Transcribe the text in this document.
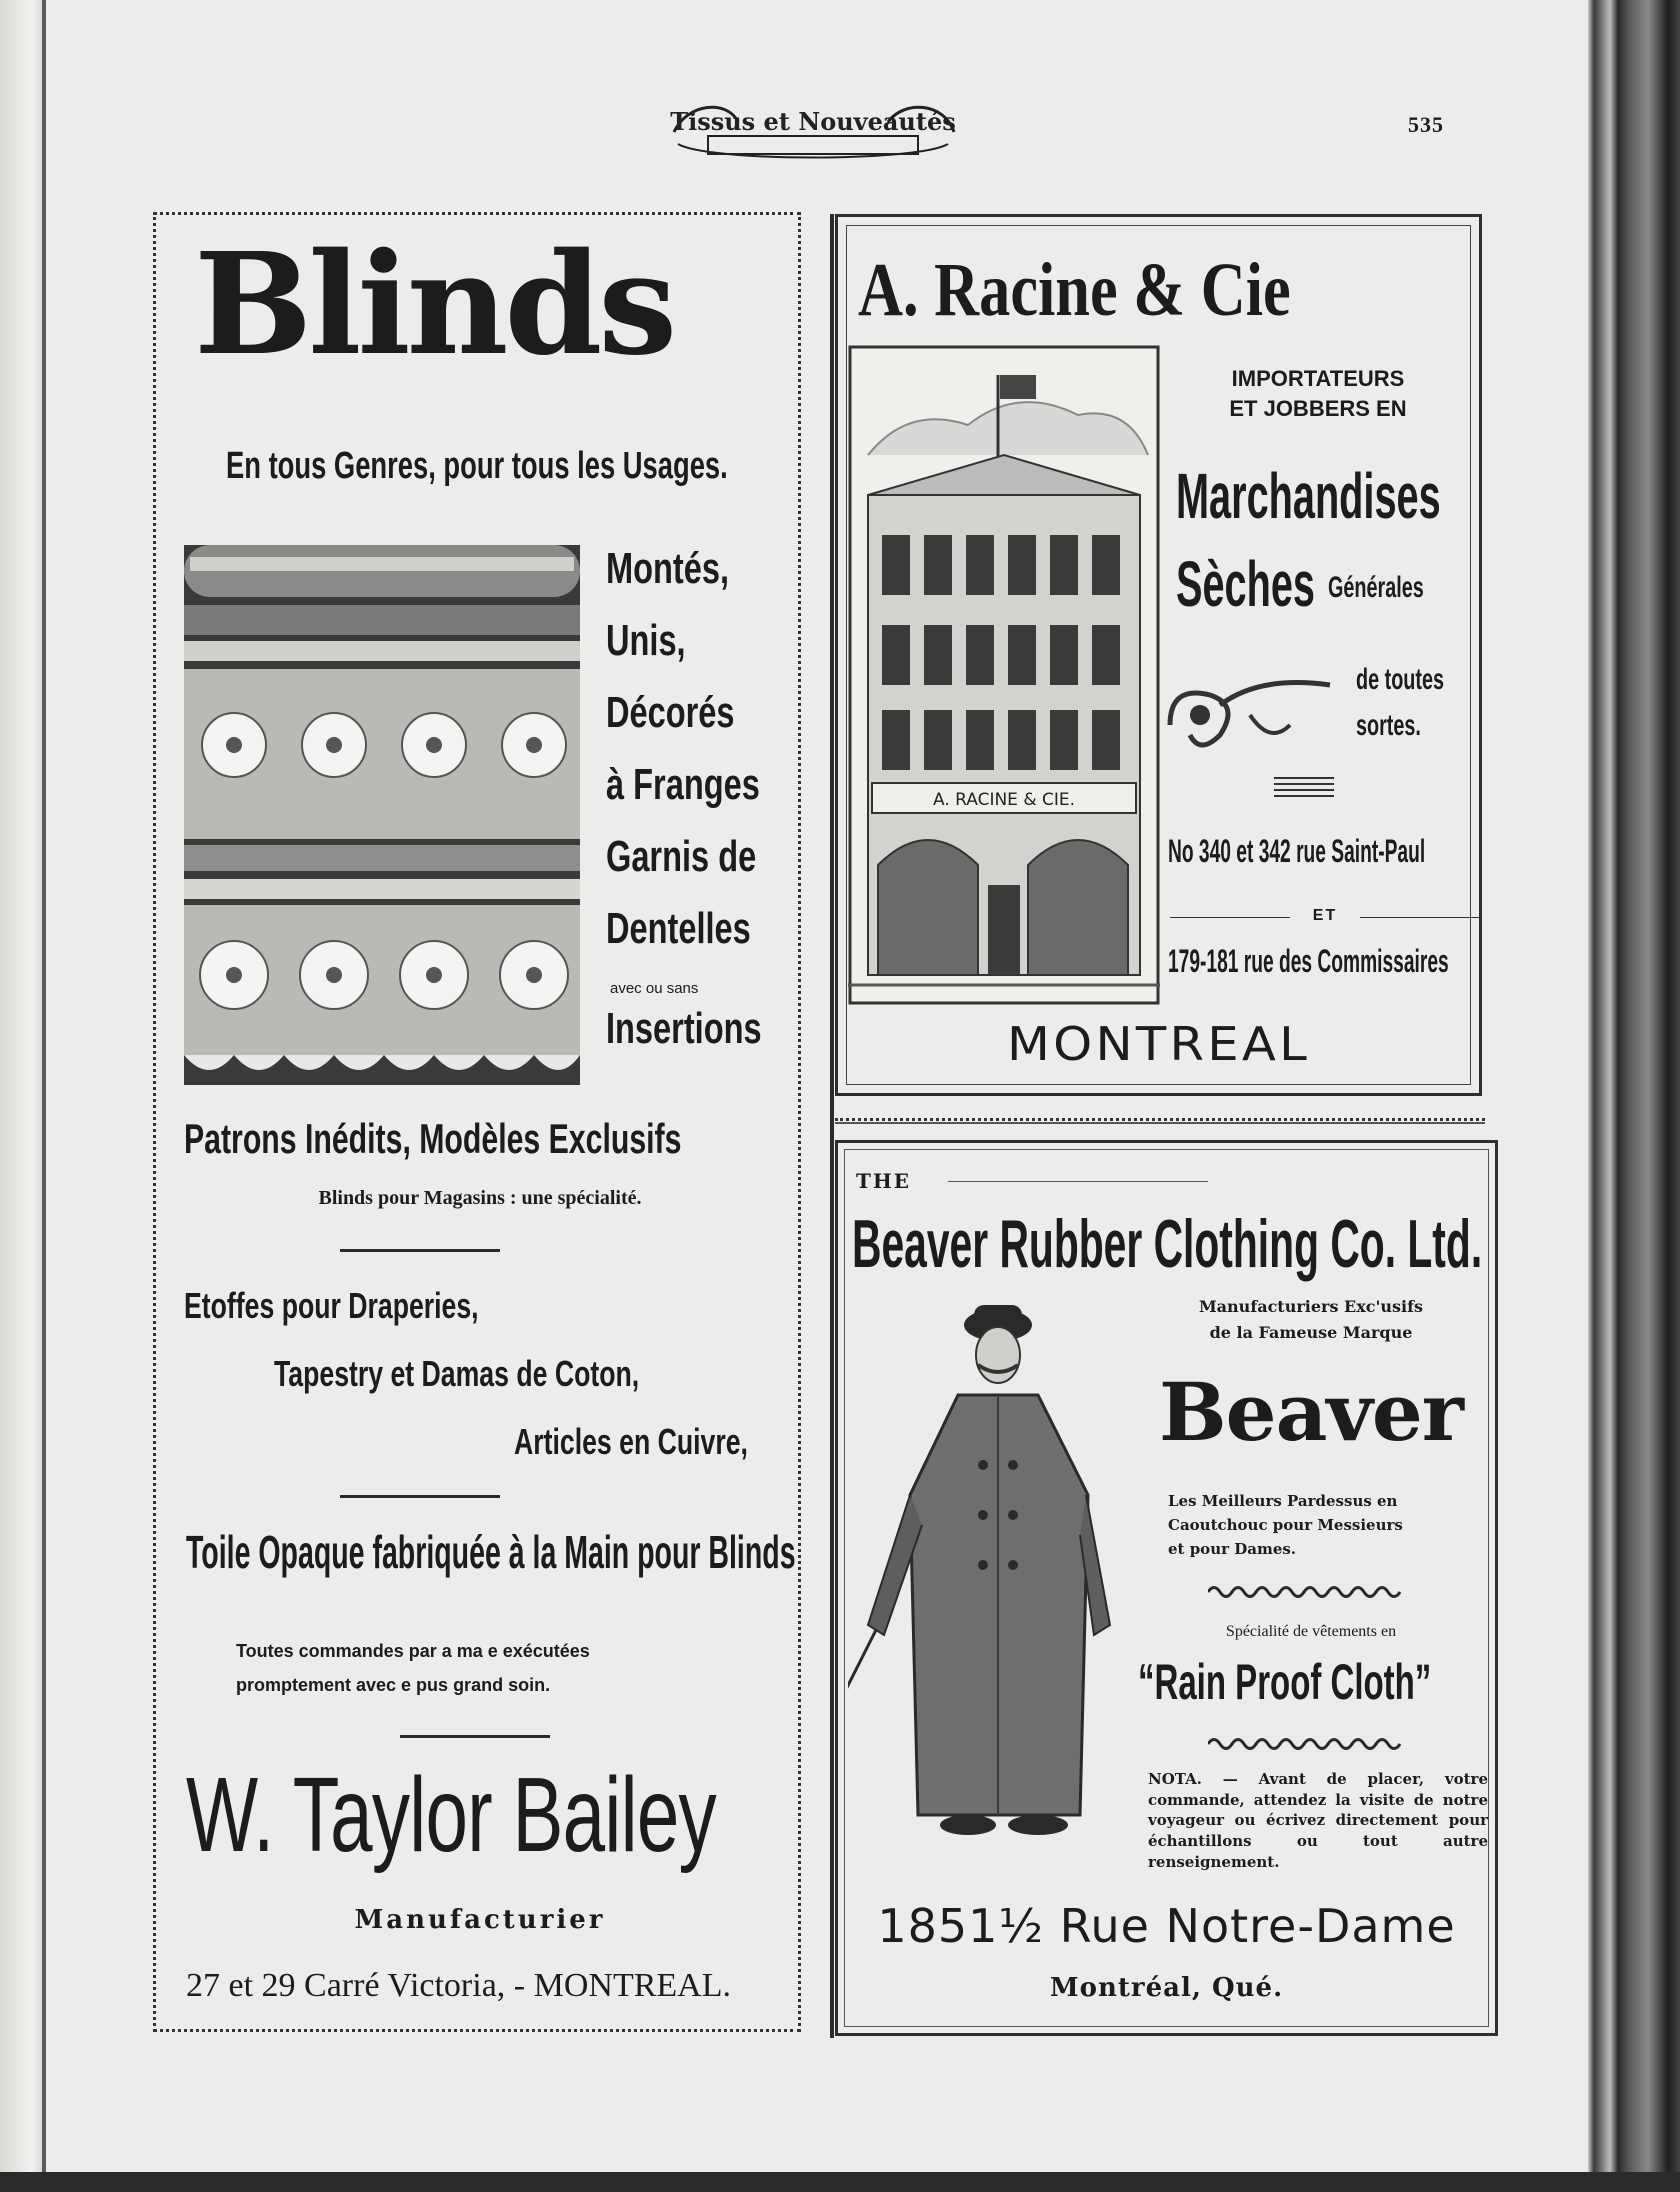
Tissus et Nouveautés	535
Blinds
En tous Genres, pour tous les Usages.
Montés,
Unis,
Décorés
à Franges
Garnis de
Dentelles
avec ou sans
Insertions
Patrons Inédits, Modèles Exclusifs
Blinds pour Magasins : une spécialité.
Etoffes pour Draperies,
Tapestry et Damas de Coton,
Articles en Cuivre,
Toile Opaque fabriquée à la Main pour Blinds
Toutes commandes par a ma e exécutées
promptement avec e pus grand soin.
W. Taylor Bailey
Manufacturier
27 et 29 Carré Victoria, - MONTREAL.
A. Racine & Cie
A. RACINE & CIE.
IMPORTATEURS
ET JOBBERS EN
Marchandises
Sèches Générales
de toutes
sortes.
No 340 et 342 rue Saint-Paul
ET
179-181 rue des Commissaires
MONTREAL
THE
Beaver Rubber Clothing Co. Ltd.
Manufacturiers Exc'usifs
de la Fameuse Marque
Beaver
Les Meilleurs Pardessus en
Caoutchouc pour Messieurs
et pour Dames.
Spécialité de vêtements en
“Rain Proof Cloth”
NOTA. — Avant de placer, votre commande, attendez la visite de notre voyageur ou écrivez directement pour échantillons ou tout autre renseignement.
1851½ Rue Notre-Dame
Montréal, Qué.
